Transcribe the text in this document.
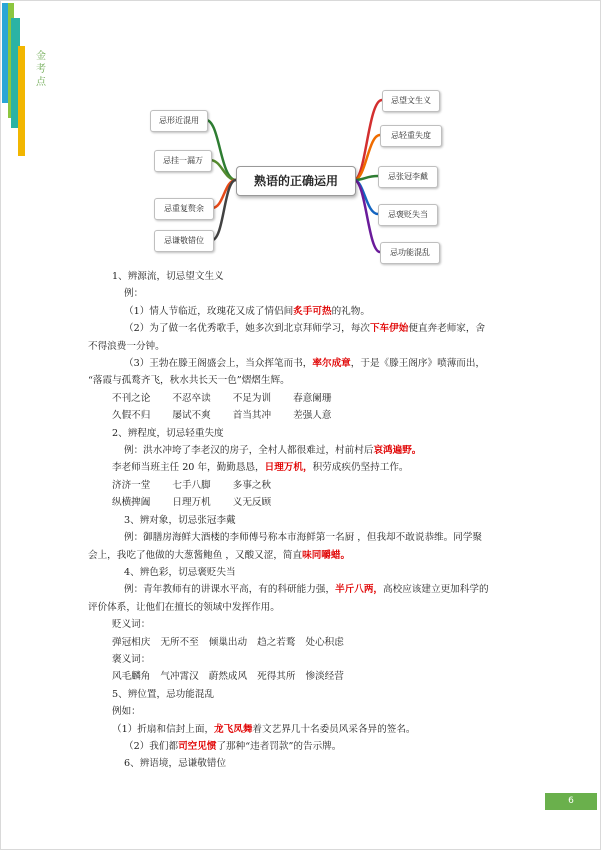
金
考
点
熟语的正确运用
忌形近混用
忌挂一漏万
忌重复赘余
忌谦敬错位
忌望文生义
忌轻重失度
忌张冠李戴
忌褒贬失当
忌功能混乱

1、辨源流，切忌望文生义

例：

（1）情人节临近，玫瑰花又成了情侣间炙手可热的礼物。

（2）为了做一名优秀歌手，她多次到北京拜师学习，每次下车伊始便直奔老师家，舍

不得浪费一分钟。

（3）王勃在滕王阁盛会上，当众挥笔而书，率尔成章，于是《滕王阁序》喷薄而出，

“落霞与孤鹜齐飞，秋水共长天一色”熠熠生辉。

不刊之论 不忍卒读 不足为训 春意阑珊

久假不归 屡试不爽 首当其冲 差强人意

2、辨程度，切忌轻重失度

例：洪水冲垮了李老汉的房子，全村人都很难过，村前村后哀鸿遍野。

李老师当班主任 20 年，勤勤恳恳，日理万机，积劳成疾仍坚持工作。

济济一堂 七手八脚 多事之秋

纵横捭阖 日理万机 义无反顾

3、辨对象，切忌张冠李戴

例：御膳房海鲜大酒楼的李师傅号称本市海鲜第一名厨 ，但我却不敢说恭维。同学聚

会上，我吃了他做的大葱酱鲍鱼 ，又酸又涩，简直味同嚼蜡。

4、辨色彩，切忌褒贬失当

例：青年教师有的讲课水平高，有的科研能力强，半斤八两，高校应该建立更加科学的

评价体系，让他们在擅长的领域中发挥作用。

贬义词：

弹冠相庆 无所不至 倾巢出动 趋之若鹜 处心积虑

褒义词：

风毛麟角 气冲霄汉 蔚然成风 死得其所 惨淡经营

5、辨位置，忌功能混乱

例如：

（1）折扇和信封上面，龙飞凤舞着文艺界几十名委员风采各异的签名。

（2）我们都司空见惯了那种“违者罚款”的告示牌。

6、辨语境，忌谦敬错位

6
